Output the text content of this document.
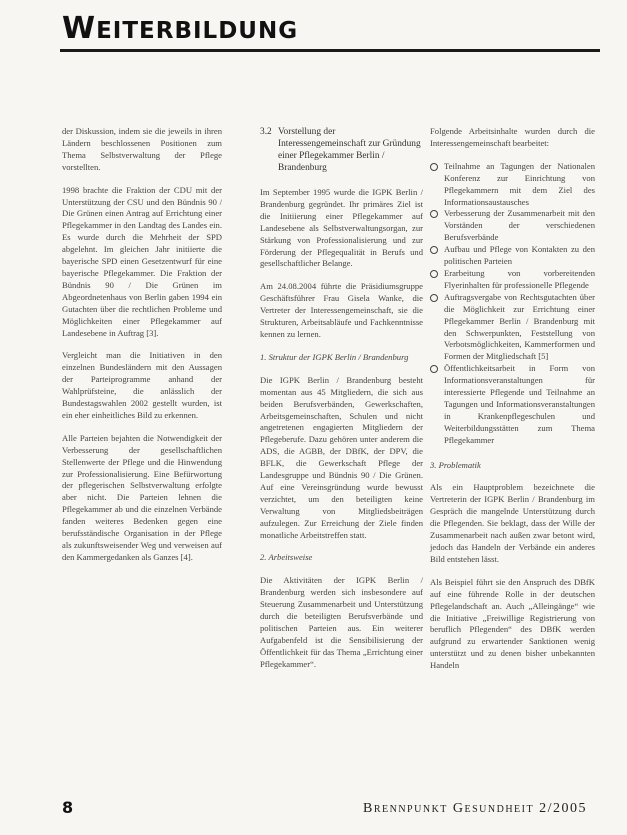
WEITERBILDUNG

der Diskussion, indem sie die jeweils in ihren Ländern beschlossenen Positionen zum Thema Selbstverwaltung der Pflege vorstellten.

1998 brachte die Fraktion der CDU mit der Unterstützung der CSU und den Bündnis 90 / Die Grünen einen Antrag auf Errichtung einer Pflegekammer in den Landtag des Landes ein. Es wurde durch die Mehrheit der SPD abgelehnt. Im gleichen Jahr initiierte die bayerische SPD einen Gesetzentwurf für eine bayerische Pflegekammer. Die Fraktion der Bündnis 90 / Die Grünen im Abgeordnetenhaus von Berlin gaben 1994 ein Gutachten über die rechtlichen Probleme und Möglichkeiten einer Pflegekammer auf Landesebene in Auftrag [3].

Vergleicht man die Initiativen in den einzelnen Bundesländern mit den Aussagen der Parteiprogramme anhand der Wahlprüfsteine, die anlässlich der Bundestagswahlen 2002 gestellt wurden, ist ein eher einheitliches Bild zu erkennen.

Alle Parteien bejahten die Notwendigkeit der Verbesserung der gesellschaftlichen Stellenwerte der Pflege und die Hinwendung zur Professionalisierung. Eine Befürwortung der pflegerischen Selbstverwaltung erfolgte aber nicht. Die Parteien lehnen die Pflegekammer ab und die einzelnen Verbände fanden weiteres Bedenken gegen eine berufsständische Organisation in der Pflege als zukunftsweisender Weg und verweisen auf den Kammergedanken als Ganzes [4].

3.2 Vorstellung der Interessengemeinschaft zur Gründung einer Pflegekammer Berlin / Brandenburg

Im September 1995 wurde die IGPK Berlin / Brandenburg gegründet. Ihr primäres Ziel ist die Initiierung einer Pflegekammer auf Landesebene als Selbstverwaltungsorgan, zur Stärkung von Professionalisierung und zur Förderung der Pflegequalität in Berufs und gesellschaftlicher Belange.

Am 24.08.2004 führte die Präsidiumsgruppe Geschäftsführer Frau Gisela Wanke, die Vertreter der Interessengemeinschaft, sie die Strukturen, Arbeitsabläufe und Fachkenntnisse kennen zu lernen.

1. Struktur der IGPK Berlin / Brandenburg

Die IGPK Berlin / Brandenburg besteht momentan aus 45 Mitgliedern, die sich aus beiden Berufsverbänden, Gewerkschaften, Arbeitsgemeinschaften, Schulen und nicht angetretenen engagierten Mitgliedern der Pflegeberufe. Dazu gehören unter anderem die ADS, die AGBB, der DBfK, der DPV, die BFLK, die Gewerkschaft Pflege der Landesgruppe und Bündnis 90 / Die Grünen. Auf eine Vereinsgründung wurde bewusst verzichtet, um den beteiligten keine Verwaltung von Mitgliedsbeiträgen aufzulegen. Zur Erreichung der Ziele finden monatliche Arbeitstreffen statt.

2. Arbeitsweise

Die Aktivitäten der IGPK Berlin / Brandenburg werden sich insbesondere auf Steuerung Zusammenarbeit und Unterstützung durch die beteiligten Berufsverbände und politischen Parteien aus. Ein weiterer Aufgabenfeld ist die Sensibilisierung der Öffentlichkeit für das Thema „Errichtung einer Pflegekammer“.

Folgende Arbeitsinhalte wurden durch die Interessengemeinschaft bearbeitet:

Teilnahme an Tagungen der Nationalen Konferenz zur Einrichtung von Pflegekammern mit dem Ziel des Informationsaustausches
Verbesserung der Zusammenarbeit mit den Vorständen der verschiedenen Berufsverbände
Aufbau und Pflege von Kontakten zu den politischen Parteien
Erarbeitung von vorbereitenden Flyerinhalten für professionelle Pflegende
Auftragsvergabe von Rechtsgutachten über die Möglichkeit zur Errichtung einer Pflegekammer Berlin / Brandenburg mit den Schwerpunkten, Feststellung von Verbotsmöglichkeiten, Kammerformen und Formen der Mitgliedschaft [5]
Öffentlichkeitsarbeit in Form von Informationsveranstaltungen für interessierte Pflegende und Teilnahme an Tagungen und Informationsveranstaltungen in Krankenpflegeschulen und Weiterbildungsstätten zum Thema Pflegekammer

3. Problematik

Als ein Hauptproblem bezeichnete die Vertreterin der IGPK Berlin / Brandenburg im Gespräch die mangelnde Unterstützung durch die Pflegenden. Sie beklagt, dass der Wille der Zusammenarbeit nach außen zwar betont wird, jedoch das Handeln der Verbände ein anderes Bild entstehen lässt.

Als Beispiel führt sie den Anspruch des DBfK auf eine führende Rolle in der deutschen Pflegelandschaft an. Auch „Alleingänge“ wie die Initiative „Freiwillige Registrierung von beruflich Pflegenden“ des DBfK werden aufgrund zu erwartender Sanktionen wenig unterstützt und zu denen bisher unbekannten Handeln

8	Brennpunkt Gesundheit 2/2005
